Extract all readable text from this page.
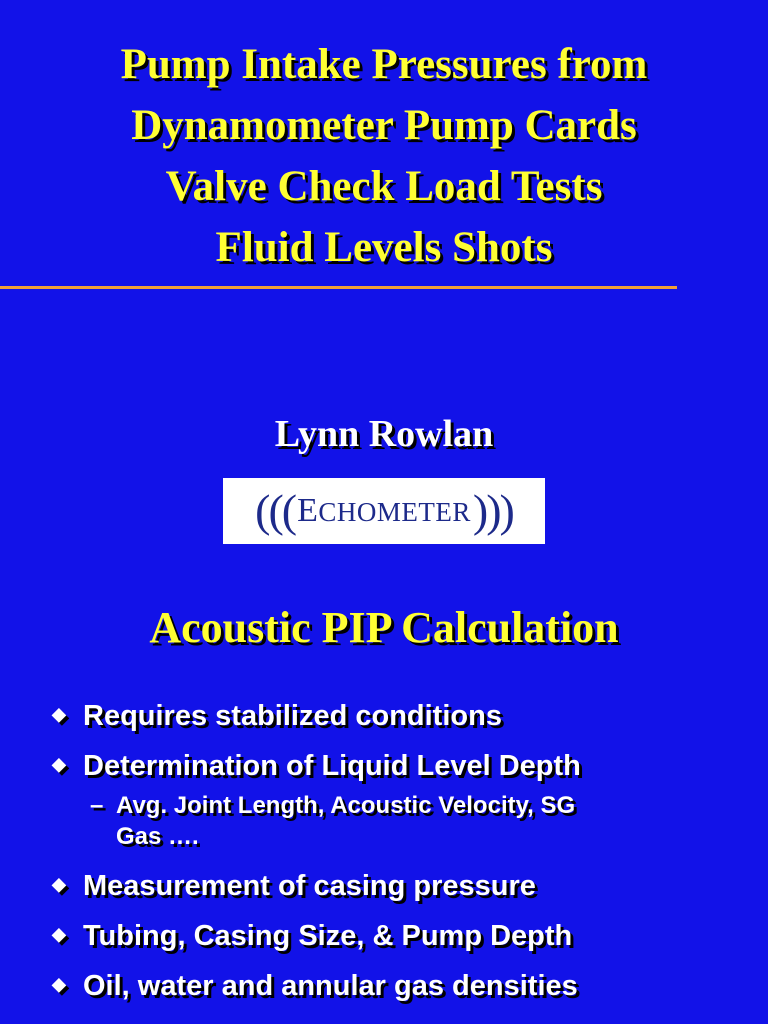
Pump Intake Pressures from
Dynamometer Pump Cards
Valve Check Load Tests
Fluid Levels Shots
Lynn Rowlan
((( ECHOMETER )))
Acoustic PIP Calculation
◆ Requires stabilized conditions
◆ Determination of Liquid Level Depth
– Avg. Joint Length, Acoustic Velocity, SG
Gas ….
◆ Measurement of casing pressure
◆ Tubing, Casing Size, & Pump Depth
◆ Oil, water and annular gas densities
